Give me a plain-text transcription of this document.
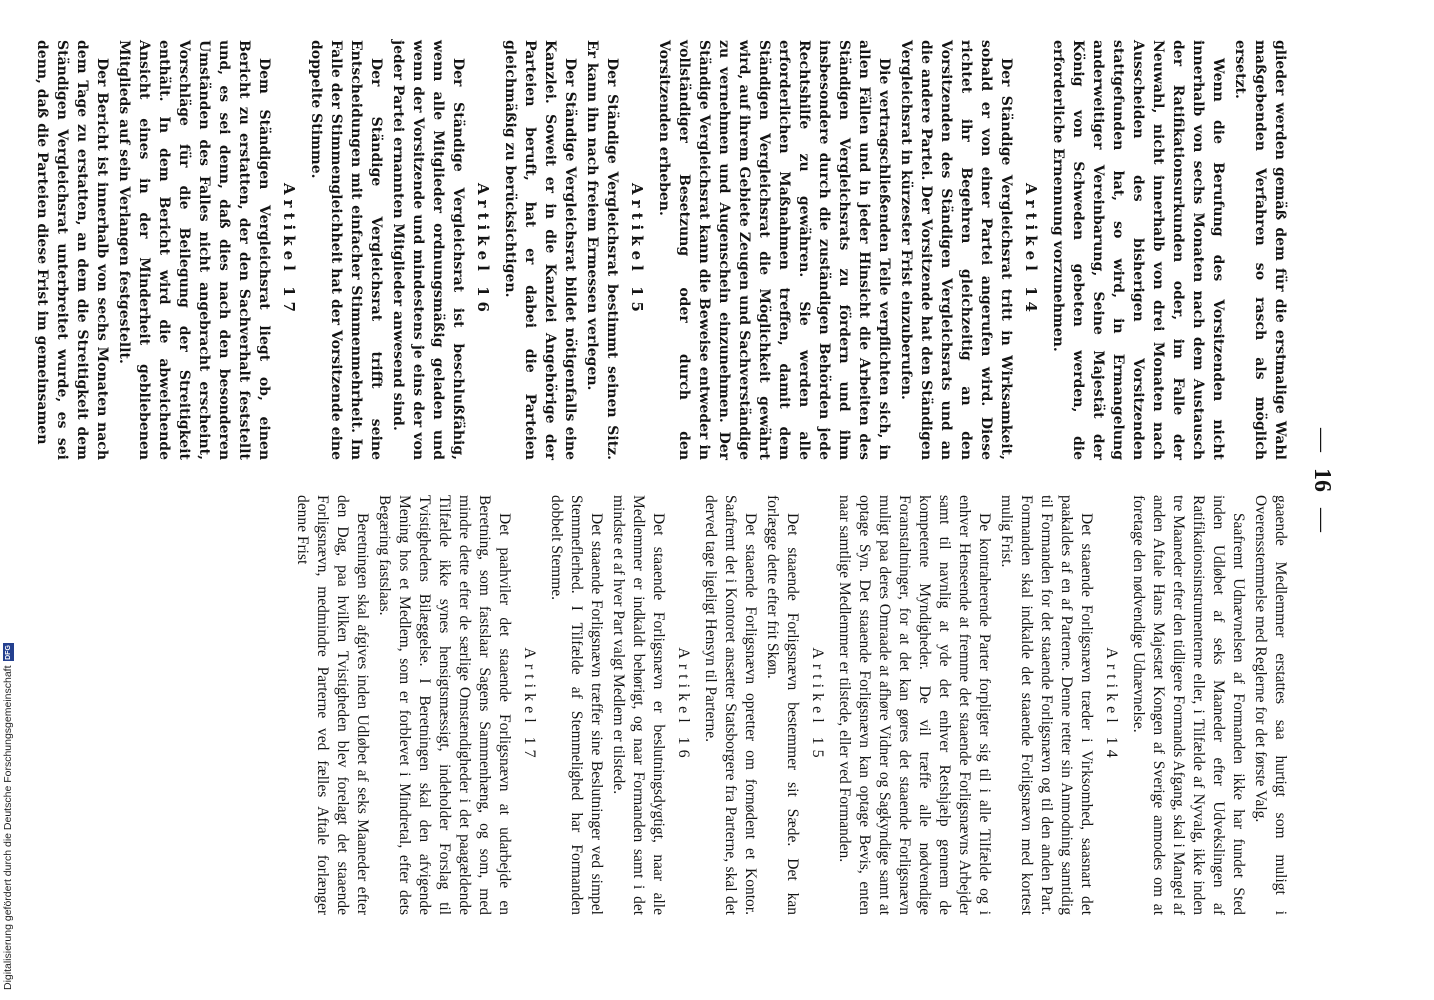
Digitalisierung gefördert durch die Deutsche Forschungsgemeinschaft
DFG
—
16
—

glieder werden gemäß dem für die erstmalige Wahl maßgebenden Verfahren so rasch als möglich ersetzt.

Wenn die Berufung des Vorsitzenden nicht innerhalb von sechs Monaten nach dem Austausch der Ratifikationsurkunden oder, im Falle der Neuwahl, nicht innerhalb von drei Monaten nach Ausscheiden des bisherigen Vorsitzenden stattgefunden hat, so wird, in Ermangelung anderweitiger Vereinbarung, Seine Majestät der König von Schweden gebeten werden, die erforderliche Ernennung vorzunehmen.

Artikel 14

Der Ständige Vergleichsrat tritt in Wirksamkeit, sobald er von einer Partei angerufen wird. Diese richtet ihr Begehren gleichzeitig an den Vorsitzenden des Ständigen Vergleichsrats und an die andere Partei. Der Vorsitzende hat den Ständigen Vergleichsrat in kürzester Frist einzuberufen.

Die vertragschließenden Teile verpflichten sich, in allen Fällen und in jeder Hinsicht die Arbeiten des Ständigen Vergleichsrats zu fördern und ihm insbesondere durch die zuständigen Behörden jede Rechtshilfe zu gewähren. Sie werden alle erforderlichen Maßnahmen treffen, damit dem Ständigen Vergleichsrat die Möglichkeit gewährt wird, auf ihrem Gebiete Zeugen und Sachverständige zu vernehmen und Augenschein einzunehmen. Der Ständige Vergleichsrat kann die Beweise entweder in vollständiger Besetzung oder durch den Vorsitzenden erheben.

Artikel 15

Der Ständige Vergleichsrat bestimmt seinen Sitz. Er kann ihn nach freiem Ermessen verlegen.

Der Ständige Vergleichsrat bildet nötigenfalls eine Kanzlei. Soweit er in die Kanzlei Angehörige der Parteien beruft, hat er dabei die Parteien gleichmäßig zu berücksichtigen.

Artikel 16

Der Ständige Vergleichsrat ist beschlußfähig, wenn alle Mitglieder ordnungsmäßig geladen und wenn der Vorsitzende und mindestens je eins der von jeder Partei ernannten Mitglieder anwesend sind.

Der Ständige Vergleichsrat trifft seine Entscheidungen mit einfacher Stimmenmehrheit. Im Falle der Stimmengleichheit hat der Vorsitzende eine doppelte Stimme.

Artikel 17

Dem Ständigen Vergleichsrat liegt ob, einen Bericht zu erstatten, der den Sachverhalt feststellt und, es sei denn, daß dies nach den besonderen Umständen des Falles nicht angebracht erscheint, Vorschläge für die Beilegung der Streitigkeit enthält. In dem Bericht wird die abweichende Ansicht eines in der Minderheit gebliebenen Mitglieds auf sein Verlangen festgestellt.

Der Bericht ist innerhalb von sechs Monaten nach dem Tage zu erstatten, an dem die Streitigkeit dem Ständigen Vergleichsrat unterbreitet wurde, es sei denn, daß die Parteien diese Frist im gemeinsamen

gaaende Medlemmer erstattes saa hurtigt som muligt i Overensstemmelse med Reglerne for det første Valg.

Saafremt Udnævnelsen af Formanden ikke har fundet Sted inden Udløbet af seks Maaneder efter Udvekslingen af Ratifikationsinstrumenterne eller, i Tilfælde af Nyvalg, ikke inden tre Maaneder efter den tidligere Formands Afgang, skal i Mangel af anden Aftale Hans Majestæt Kongen af Sverige anmodes om at foretage den nødvendige Udnævnelse.

Artikel 14

Det staaende Forligsnævn træder i Virksomhed, saasnart det paakaldes af en af Parterne. Denne retter sin Anmodning samtidig til Formanden for det staaende Forligsnævn og til den anden Part. Formanden skal indkalde det staaende Forligsnævn med kortest mulig Frist.

De kontraherende Parter forpligter sig til i alle Tilfælde og i enhver Henseende at fremme det staaende Forligsnævns Arbejder samt til navnlig at yde det enhver Retshjælp gennem de kompetente Myndigheder. De vil træffe alle nødvendige Foranstaltninger, for at det kan gøres det staaende Forligsnævn muligt paa deres Omraade at afhøre Vidner og Sagkyndige samt at optage Syn. Det staaende Forligsnævn kan optage Bevis, enten naar samtlige Medlemmer er tilstede, eller ved Formanden.

Artikel 15

Det staaende Forligsnævn bestemmer sit Sæde. Det kan forlægge dette efter frit Skøn.

Det staaende Forligsnævn opretter om fornødent et Kontor. Saafremt det i Kontoret ansætter Statsborgere fra Parterne, skal det derved tage ligeligt Hensyn til Parterne.

Artikel 16

Det staaende Forligsnævn er beslutningsdygtigt, naar alle Medlemmer er indkaldt behørigt, og naar Formanden samt i det mindste et af hver Part valgt Medlem er tilstede.

Det staaende Forligsnævn træffer sine Beslutninger ved simpel Stemmeflerhed. I Tilfælde af Stemmelighed har Formanden dobbelt Stemme.

Artikel 17

Det paahviler det staaende Forligsnævn at udarbejde en Beretning, som fastslaar Sagens Sammenhæng, og som, med mindre dette efter de særlige Omstændigheder i det paagældende Tilfælde ikke synes hensigtsmæssigt, indeholder Forslag til Tvistighedens Bilæggelse. I Beretningen skal den afvigende Mening hos et Medlem, som er forblevet i Mindretal, efter dets Begæring fastslaas.

Beretningen skal afgives inden Udløbet af seks Maaneder efter den Dag, paa hvilken Tvistigheden blev forelagt det staaende Forligsnævn, medmindre Parterne ved fælles Aftale forlænger denne Frist
